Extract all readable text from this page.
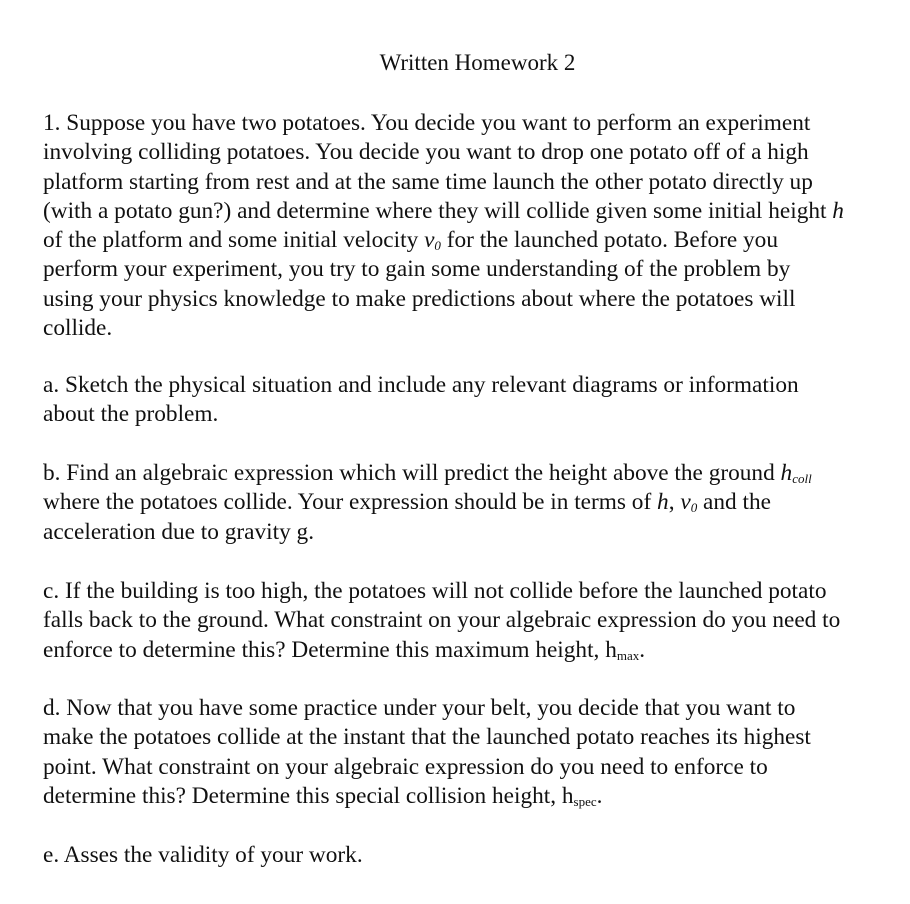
Written Homework 2

1. Suppose you have two potatoes. You decide you want to perform an experiment
involving colliding potatoes. You decide you want to drop one potato off of a high
platform starting from rest and at the same time launch the other potato directly up
(with a potato gun?) and determine where they will collide given some initial height h
of the platform and some initial velocity $v_0$ for the launched potato. Before you
perform your experiment, you try to gain some understanding of the problem by
using your physics knowledge to make predictions about where the potatoes will
collide.

a. Sketch the physical situation and include any relevant diagrams or information
about the problem.

b. Find an algebraic expression which will predict the height above the ground $h_{coll}$
where the potatoes collide. Your expression should be in terms of h, $v_0$ and the
acceleration due to gravity g.

c. If the building is too high, the potatoes will not collide before the launched potato
falls back to the ground. What constraint on your algebraic expression do you need to
enforce to determine this? Determine this maximum height, $h_{max}$.

d. Now that you have some practice under your belt, you decide that you want to
make the potatoes collide at the instant that the launched potato reaches its highest
point. What constraint on your algebraic expression do you need to enforce to
determine this? Determine this special collision height, $h_{spec}$.

e. Asses the validity of your work.
